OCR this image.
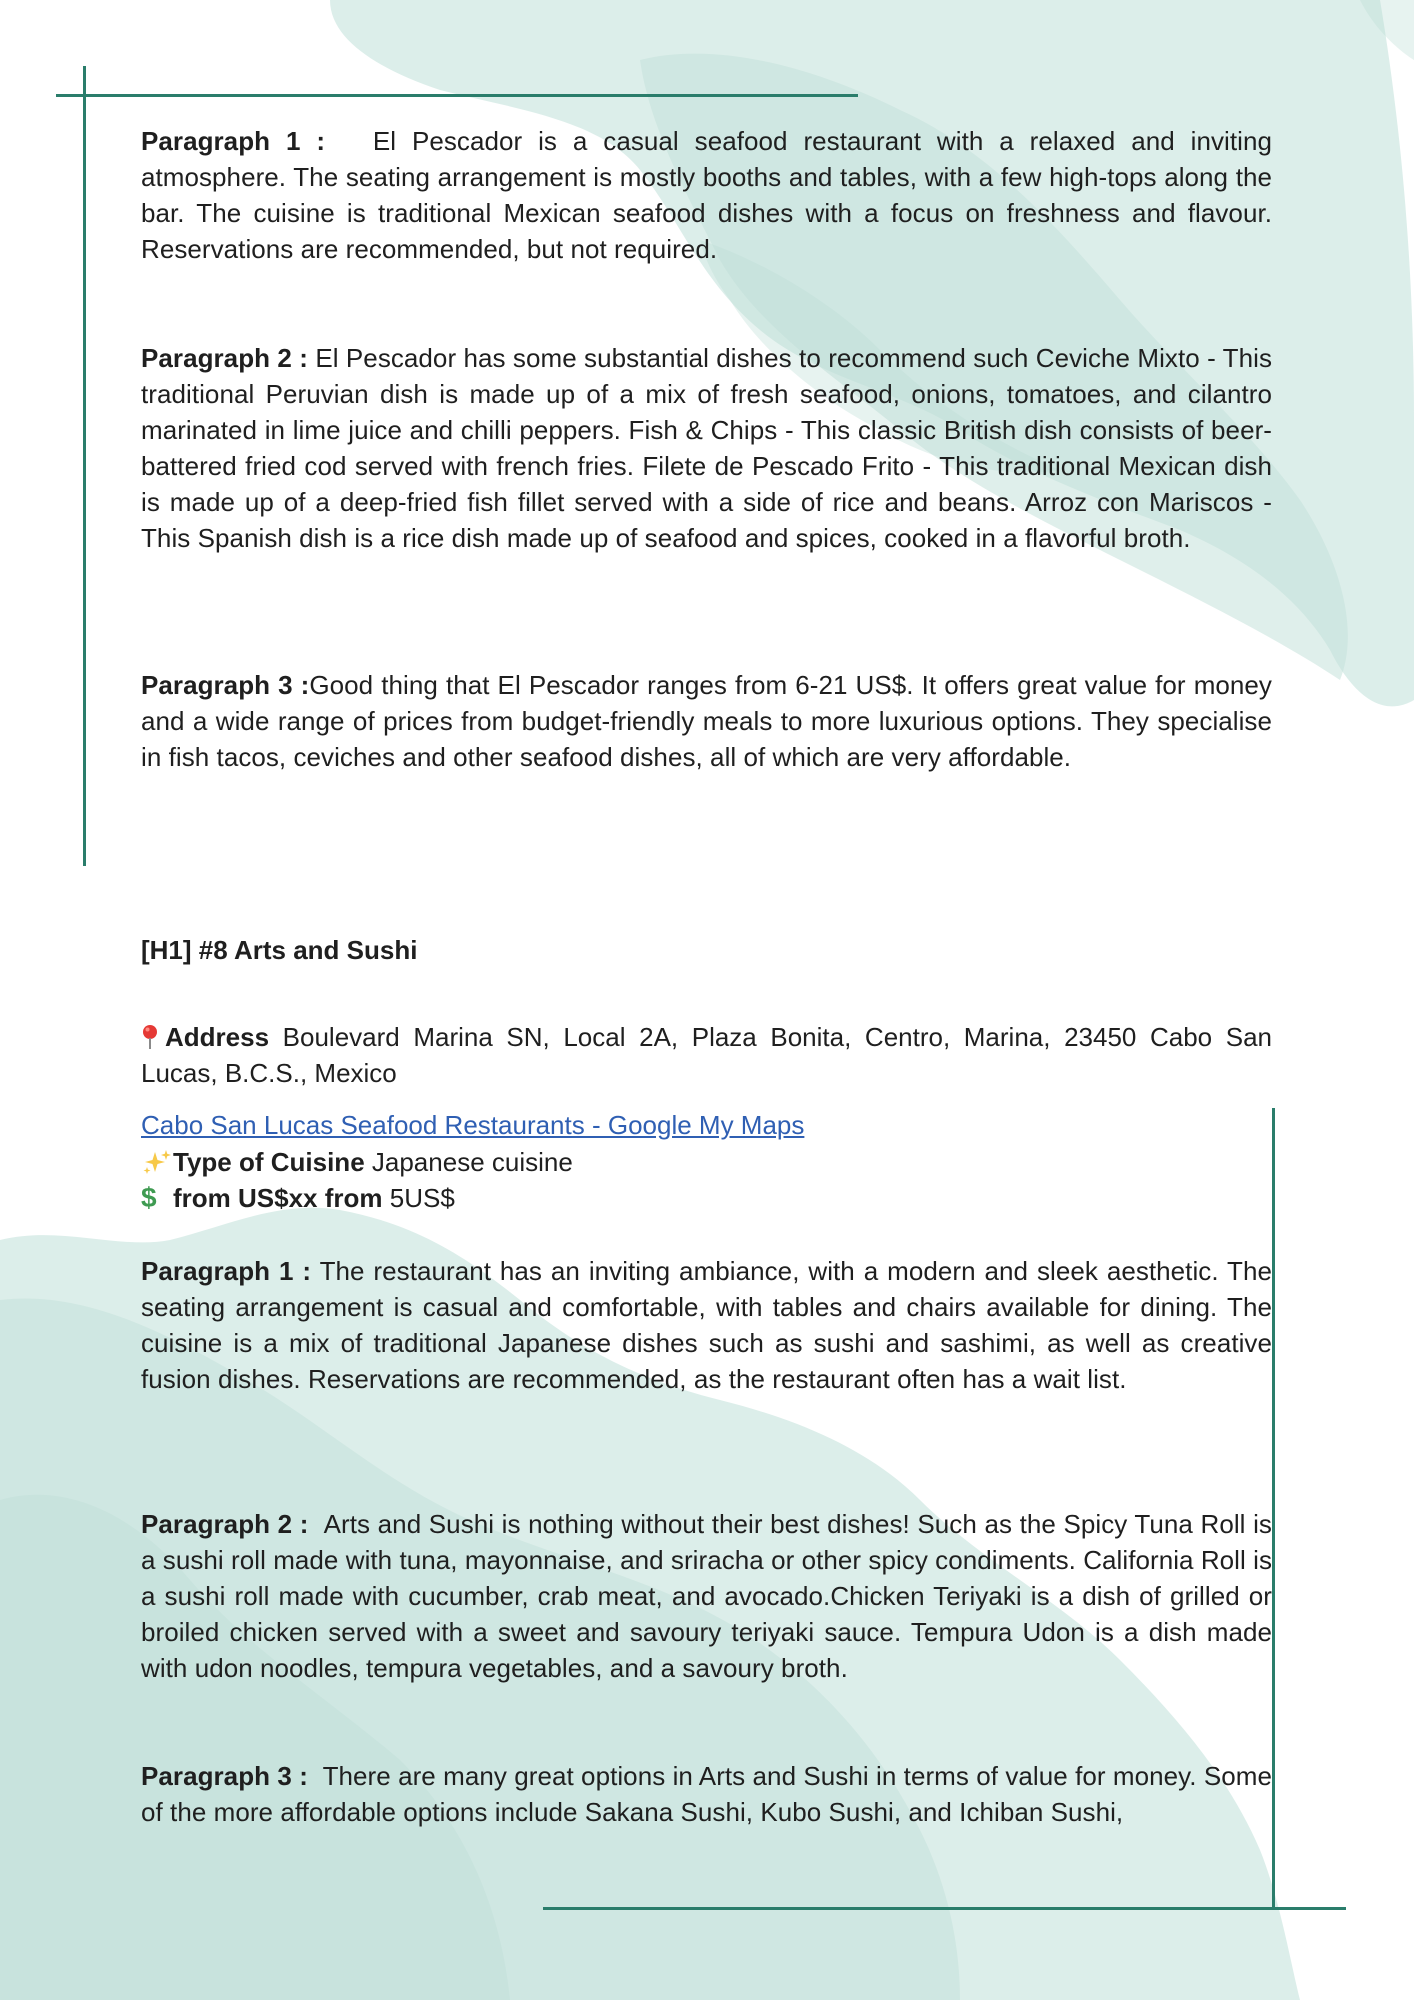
Paragraph 1 : El Pescador is a casual seafood restaurant with a relaxed and inviting atmosphere. The seating arrangement is mostly booths and tables, with a few high-tops along the bar. The cuisine is traditional Mexican seafood dishes with a focus on freshness and flavour. Reservations are recommended, but not required.

Paragraph 2 : El Pescador has some substantial dishes to recommend such Ceviche Mixto - This traditional Peruvian dish is made up of a mix of fresh seafood, onions, tomatoes, and cilantro marinated in lime juice and chilli peppers. Fish & Chips - This classic British dish consists of beer-battered fried cod served with french fries. Filete de Pescado Frito - This traditional Mexican dish is made up of a deep-fried fish fillet served with a side of rice and beans. Arroz con Mariscos - This Spanish dish is a rice dish made up of seafood and spices, cooked in a flavorful broth.

Paragraph 3 :Good thing that El Pescador ranges from 6-21 US$. It offers great value for money and a wide range of prices from budget-friendly meals to more luxurious options. They specialise in fish tacos, ceviches and other seafood dishes, all of which are very affordable.

[H1] #8 Arts and Sushi

Address Boulevard Marina SN, Local 2A, Plaza Bonita, Centro, Marina, 23450 Cabo San Lucas, B.C.S., Mexico

Cabo San Lucas Seafood Restaurants - Google My Maps

Type of Cuisine Japanese cuisine

$ from US$xx from 5US$

Paragraph 1 : The restaurant has an inviting ambiance, with a modern and sleek aesthetic. The seating arrangement is casual and comfortable, with tables and chairs available for dining. The cuisine is a mix of traditional Japanese dishes such as sushi and sashimi, as well as creative fusion dishes. Reservations are recommended, as the restaurant often has a wait list.

Paragraph 2 : Arts and Sushi is nothing without their best dishes! Such as the Spicy Tuna Roll is a sushi roll made with tuna, mayonnaise, and sriracha or other spicy condiments. California Roll is a sushi roll made with cucumber, crab meat, and avocado.Chicken Teriyaki is a dish of grilled or broiled chicken served with a sweet and savoury teriyaki sauce. Tempura Udon is a dish made with udon noodles, tempura vegetables, and a savoury broth.

Paragraph 3 : There are many great options in Arts and Sushi in terms of value for money. Some of the more affordable options include Sakana Sushi, Kubo Sushi, and Ichiban Sushi,
